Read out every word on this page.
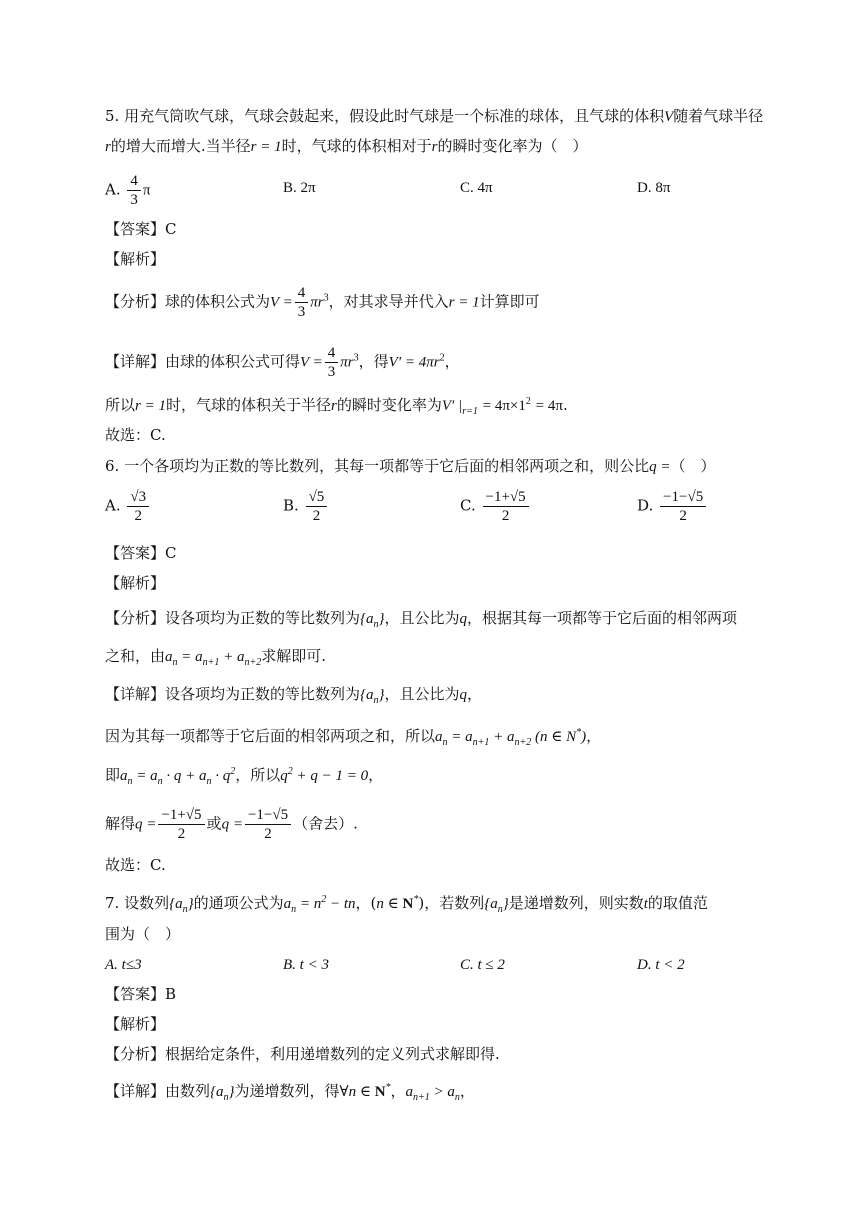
5. 用充气筒吹气球，气球会鼓起来，假设此时气球是一个标准的球体，且气球的体积V随着气球半径
r的增大而增大.当半径r = 1时，气球的体积相对于r的瞬时变化率为（　）
A. $\frac{4}{3}$ π	B. 2π	C. 4π	D. 8π
【答案】C
【解析】
【分析】球的体积公式为$V = \frac{4}{3} \pi r^3$，对其求导并代入r = 1计算即可
【详解】由球的体积公式可得$V = \frac{4}{3} \pi r^3$，得$V' = 4\pi r^2$，
所以r = 1时，气球的体积关于半径r的瞬时变化率为V′ $|_{r=1} = 4\pi\times 1^2 = 4\pi$.
故选：C.
6. 一个各项均为正数的等比数列，其每一项都等于它后面的相邻两项之和，则公比q =（　）
A. $\frac{√3}{2}$	B. $\frac{√5}{2}$	C. $\frac{-1+√5}{2}$	D. $\frac{-1-√5}{2}$
【答案】C
【解析】
【分析】设各项均为正数的等比数列为$\{a_n\}$，且公比为q，根据其每一项都等于它后面的相邻两项
之和，由$a_n = a_{n+1} + a_{n+2}$求解即可.
【详解】设各项均为正数的等比数列为$\{a_n\}$，且公比为q，
因为其每一项都等于它后面的相邻两项之和，所以$a_n = a_{n+1} + a_{n+2}$ (n ∈ N*)，
即$a_n = a_n \cdot q + a_n \cdot q^2$，所以$q^2 + q - 1 = 0$，
解得$q = \frac{-1+√5}{2}$ 或$q = \frac{-1-√5}{2}$ （舍去）.
故选：C.
7. 设数列$\{a_n\}$的通项公式为$a_n = n^2$ − tn，(n ∈ N*)，若数列$\{a_n\}$是递增数列，则实数t的取值范
围为（　）
A. t≤3	B. t < 3	C. t ≤ 2	D. t < 2
【答案】B
【解析】
【分析】根据给定条件，利用递增数列的定义列式求解即得.
【详解】由数列$\{a_n\}$为递增数列，得∀n ∈ N*，$a_{n+1} > a_n$，
